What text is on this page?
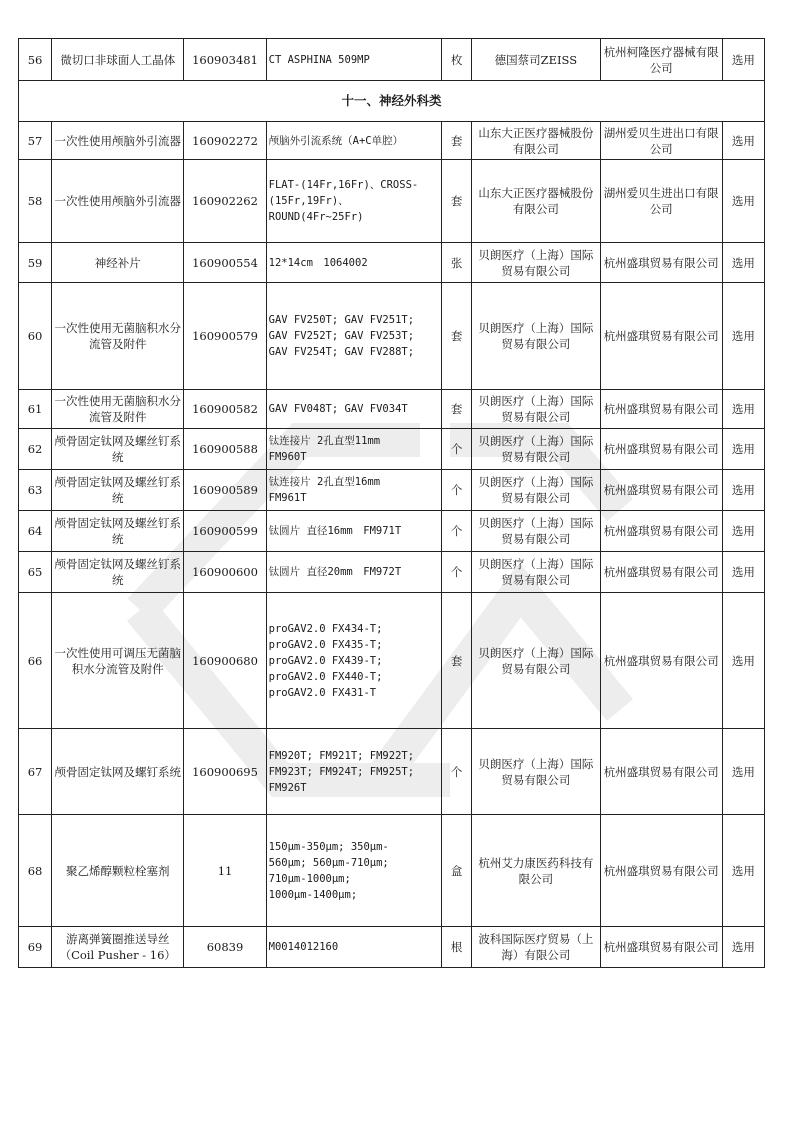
56	微切口非球面人工晶体	160903481	CT ASPHINA 509MP	枚	德国蔡司ZEISS	杭州柯隆医疗器械有限公司	选用
十一、神经外科类							
57	一次性使用颅脑外引流器	160902272	颅脑外引流系统（A+C单腔）	套	山东大正医疗器械股份有限公司	湖州爱贝生进出口有限公司	选用
58	一次性使用颅脑外引流器	160902262	FLAT-(14Fr,16Fr)、CROSS-(15Fr,19Fr)、
ROUND(4Fr~25Fr)	套	山东大正医疗器械股份有限公司	湖州爱贝生进出口有限公司	选用
59	神经补片	160900554	12*14cm　1064002	张	贝朗医疗（上海）国际贸易有限公司	杭州盛琪贸易有限公司	选用
60	一次性使用无菌脑积水分流管及附件	160900579	GAV FV250T; GAV FV251T;
GAV FV252T; GAV FV253T;
GAV FV254T; GAV FV288T;	套	贝朗医疗（上海）国际贸易有限公司	杭州盛琪贸易有限公司	选用
61	一次性使用无菌脑积水分流管及附件	160900582	GAV FV048T; GAV FV034T	套	贝朗医疗（上海）国际贸易有限公司	杭州盛琪贸易有限公司	选用
62	颅骨固定钛网及螺丝钉系统	160900588	钛连接片 2孔直型11mm
FM960T	个	贝朗医疗（上海）国际贸易有限公司	杭州盛琪贸易有限公司	选用
63	颅骨固定钛网及螺丝钉系统	160900589	钛连接片 2孔直型16mm
FM961T	个	贝朗医疗（上海）国际贸易有限公司	杭州盛琪贸易有限公司	选用
64	颅骨固定钛网及螺丝钉系统	160900599	钛圆片 直径16mm　FM971T	个	贝朗医疗（上海）国际贸易有限公司	杭州盛琪贸易有限公司	选用
65	颅骨固定钛网及螺丝钉系统	160900600	钛圆片 直径20mm　FM972T	个	贝朗医疗（上海）国际贸易有限公司	杭州盛琪贸易有限公司	选用
66	一次性使用可调压无菌脑积水分流管及附件	160900680	proGAV2.0 FX434-T;
proGAV2.0 FX435-T;
proGAV2.0 FX439-T;
proGAV2.0 FX440-T;
proGAV2.0 FX431-T	套	贝朗医疗（上海）国际贸易有限公司	杭州盛琪贸易有限公司	选用
67	颅骨固定钛网及螺钉系统	160900695	FM920T; FM921T; FM922T;
FM923T; FM924T; FM925T;
FM926T	个	贝朗医疗（上海）国际贸易有限公司	杭州盛琪贸易有限公司	选用
68	聚乙烯醇颗粒栓塞剂	11	150μm-350μm; 350μm-
560μm; 560μm-710μm;
710μm-1000μm;
1000μm-1400μm;	盒	杭州艾力康医药科技有限公司	杭州盛琪贸易有限公司	选用
69	游离弹簧圈推送导丝（Coil Pusher - 16）	60839	M0014012160	根	波科国际医疗贸易（上海）有限公司	杭州盛琪贸易有限公司	选用
